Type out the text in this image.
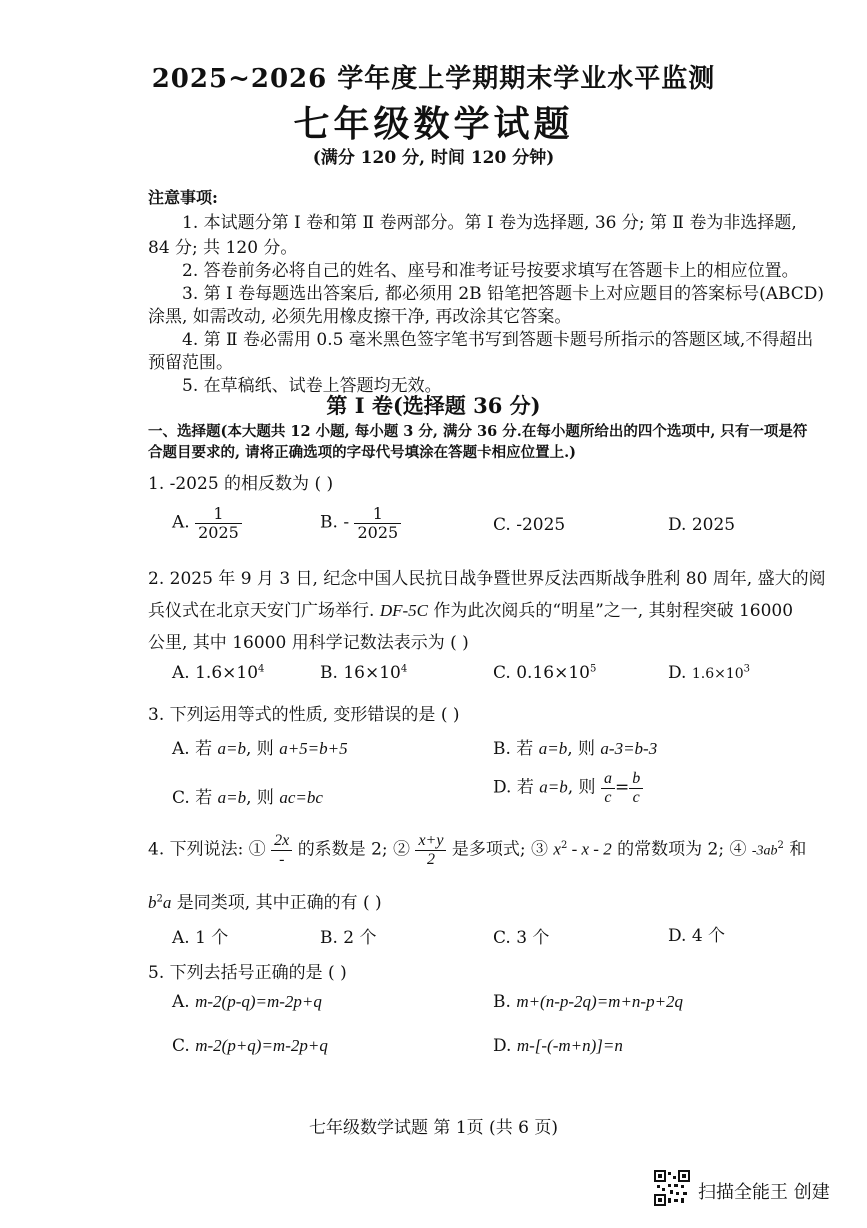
2025~2026 学年度上学期期末学业水平监测
七年级数学试题
(满分 120 分, 时间 120 分钟)
注意事项:
1. 本试题分第 Ⅰ 卷和第 Ⅱ 卷两部分。第 Ⅰ 卷为选择题, 36 分; 第 Ⅱ 卷为非选择题,
84 分; 共 120 分。
2. 答卷前务必将自己的姓名、座号和准考证号按要求填写在答题卡上的相应位置。
3. 第 Ⅰ 卷每题选出答案后, 都必须用 2B 铅笔把答题卡上对应题目的答案标号(ABCD)
涂黑, 如需改动, 必须先用橡皮擦干净, 再改涂其它答案。
4. 第 Ⅱ 卷必需用 0.5 毫米黑色签字笔书写到答题卡题号所指示的答题区域,不得超出
预留范围。
5. 在草稿纸、试卷上答题均无效。
第 Ⅰ 卷(选择题 36 分)
一、选择题(本大题共 12 小题, 每小题 3 分, 满分 36 分.在每小题所给出的四个选项中, 只有一项是符
合题目要求的, 请将正确选项的字母代号填涂在答题卡相应位置上.)
1. -2025 的相反数为 ( )
A. $\frac{1}{2025}$	B. - $\frac{1}{2025}$	C. -2025	D. 2025
2. 2025 年 9 月 3 日, 纪念中国人民抗日战争暨世界反法西斯战争胜利 80 周年, 盛大的阅
兵仪式在北京天安门广场举行. DF-5C 作为此次阅兵的“明星”之一, 其射程突破 16000
公里, 其中 16000 用科学记数法表示为 ( )
A. $1.6\times 10^4$	B. $16\times 10^4$	C. $0.16\times 10^5$	D. $1.6\times 10^3$
3. 下列运用等式的性质, 变形错误的是 ( )
A. 若 a=b, 则 a+5=b+5	B. 若 a=b, 则 a-3=b-3
C. 若 a=b, 则 ac=bc	D. 若 a=b, 则 $\frac{a}{c} = \frac{b}{c}$
4. 下列说法: ① $\frac{2x}{-}$ 的系数是 2; ② $\frac{x+y}{2}$ 是多项式; ③ $x^2$ - x - 2 的常数项为 2; ④ $-3ab^2$ 和
$b^2a$ 是同类项, 其中正确的有 ( )
A. 1 个	B. 2 个	C. 3 个	D. 4 个
5. 下列去括号正确的是 ( )
A. m-2(p-q)=m-2p+q	B. m+(n-p-2q)=m+n-p+2q
C. m-2(p+q)=m-2p+q	D. m-[-(-m+n)]=n
七年级数学试题 第 1页 (共 6 页)
扫描全能王 创建
